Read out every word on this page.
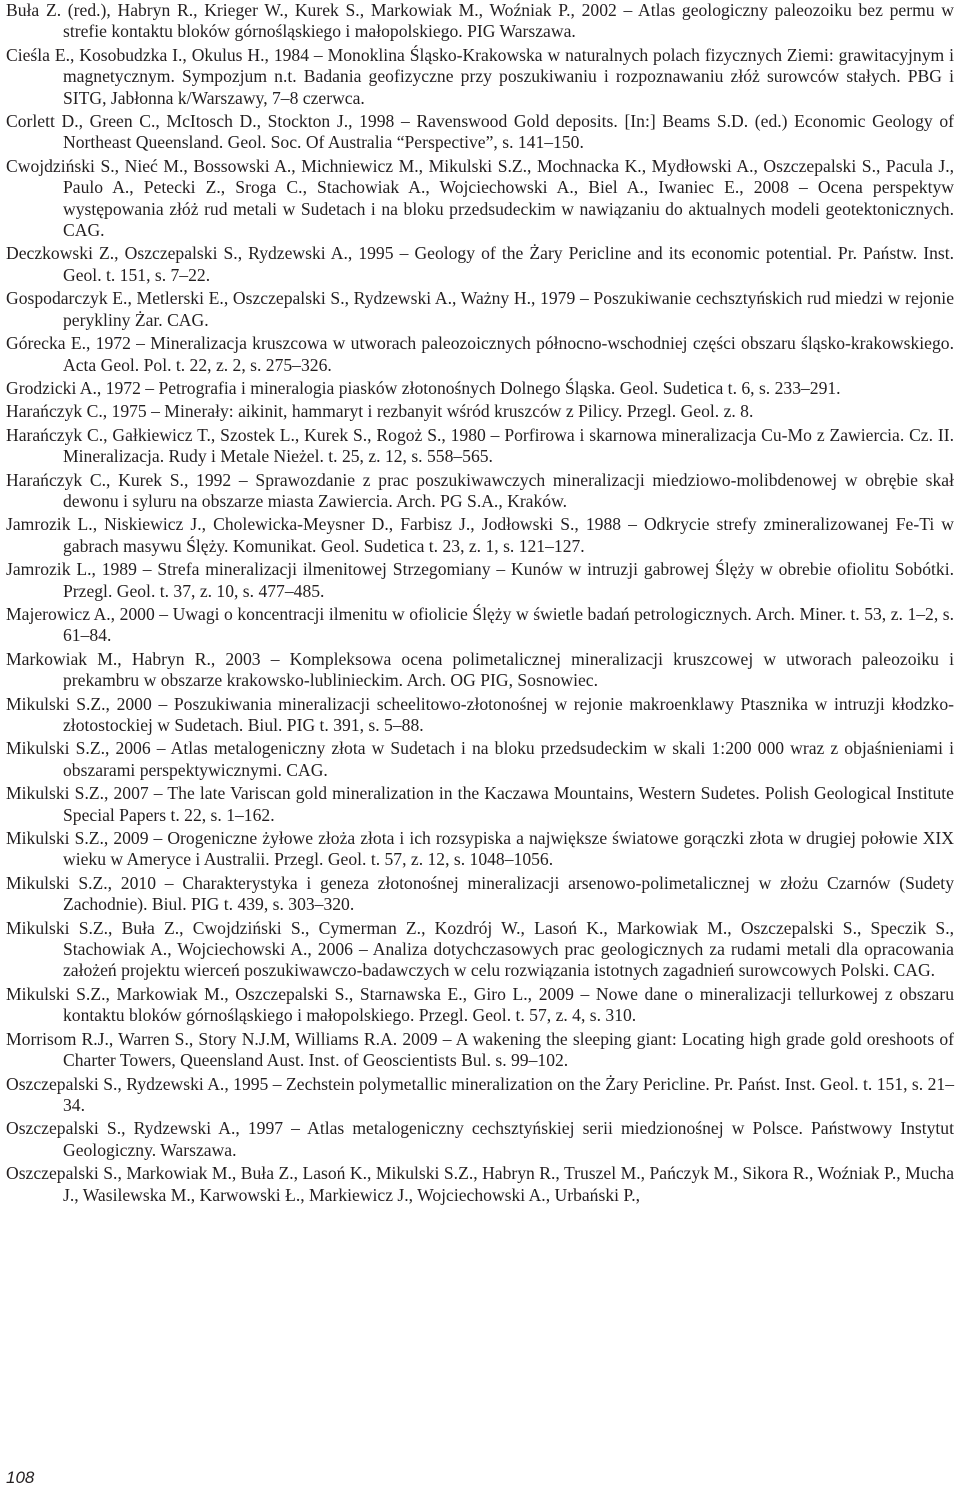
Buła Z. (red.), Habryn R., Krieger W., Kurek S., Markowiak M., Woźniak P., 2002 – Atlas geologiczny paleozoiku bez permu w strefie kontaktu bloków górnośląskiego i małopolskiego. PIG Warszawa.

Cieśla E., Kosobudzka I., Okulus H., 1984 – Monoklina Śląsko-Krakowska w naturalnych polach fizycznych Ziemi: grawitacyjnym i magnetycznym. Sympozjum n.t. Badania geofizyczne przy poszukiwaniu i rozpoznawaniu złóż surowców stałych. PBG i SITG, Jabłonna k/Warszawy, 7–8 czerwca.

Corlett D., Green C., McItosch D., Stockton J., 1998 – Ravenswood Gold deposits. [In:] Beams S.D. (ed.) Economic Geology of Northeast Queensland. Geol. Soc. Of Australia “Perspective”, s. 141–150.

Cwojdziński S., Nieć M., Bossowski A., Michniewicz M., Mikulski S.Z., Mochnacka K., Mydłowski A., Oszczepalski S., Pacula J., Paulo A., Petecki Z., Sroga C., Stachowiak A., Wojciechowski A., Biel A., Iwaniec E., 2008 – Ocena perspektyw występowania złóż rud metali w Sudetach i na bloku przedsudeckim w nawiązaniu do aktualnych modeli geotektonicznych. CAG.

Deczkowski Z., Oszczepalski S., Rydzewski A., 1995 – Geology of the Żary Pericline and its economic potential. Pr. Państw. Inst. Geol. t. 151, s. 7–22.

Gospodarczyk E., Metlerski E., Oszczepalski S., Rydzewski A., Ważny H., 1979 – Poszukiwanie cechsztyńskich rud miedzi w rejonie perykliny Żar. CAG.

Górecka E., 1972 – Mineralizacja kruszcowa w utworach paleozoicznych północno-wschodniej części obszaru śląsko-krakowskiego. Acta Geol. Pol. t. 22, z. 2, s. 275–326.

Grodzicki A., 1972 – Petrografia i mineralogia piasków złotonośnych Dolnego Śląska. Geol. Sudetica t. 6, s. 233–291.

Harańczyk C., 1975 – Minerały: aikinit, hammaryt i rezbanyit wśród kruszców z Pilicy. Przegl. Geol. z. 8.

Harańczyk C., Gałkiewicz T., Szostek L., Kurek S., Rogoż S., 1980 – Porfirowa i skarnowa mineralizacja Cu-Mo z Zawiercia. Cz. II. Mineralizacja. Rudy i Metale Nieżel. t. 25, z. 12, s. 558–565.

Harańczyk C., Kurek S., 1992 – Sprawozdanie z prac poszukiwawczych mineralizacji miedziowo-molibdenowej w obrębie skał dewonu i syluru na obszarze miasta Zawiercia. Arch. PG S.A., Kraków.

Jamrozik L., Niskiewicz J., Cholewicka-Meysner D., Farbisz J., Jodłowski S., 1988 – Odkrycie strefy zmineralizowanej Fe-Ti w gabrach masywu Ślęży. Komunikat. Geol. Sudetica t. 23, z. 1, s. 121–127.

Jamrozik L., 1989 – Strefa mineralizacji ilmenitowej Strzegomiany – Kunów w intruzji gabrowej Ślęży w obrebie ofiolitu Sobótki. Przegl. Geol. t. 37, z. 10, s. 477–485.

Majerowicz A., 2000 – Uwagi o koncentracji ilmenitu w ofiolicie Ślęży w świetle badań petrologicznych. Arch. Miner. t. 53, z. 1–2, s. 61–84.

Markowiak M., Habryn R., 2003 – Kompleksowa ocena polimetalicznej mineralizacji kruszcowej w utworach paleozoiku i prekambru w obszarze krakowsko-lublinieckim. Arch. OG PIG, Sosnowiec.

Mikulski S.Z., 2000 – Poszukiwania mineralizacji scheelitowo-złotonośnej w rejonie makroenklawy Ptasznika w intruzji kłodzko-złotostockiej w Sudetach. Biul. PIG t. 391, s. 5–88.

Mikulski S.Z., 2006 – Atlas metalogeniczny złota w Sudetach i na bloku przedsudeckim w skali 1:200 000 wraz z objaśnieniami i obszarami perspektywicznymi. CAG.

Mikulski S.Z., 2007 – The late Variscan gold mineralization in the Kaczawa Mountains, Western Sudetes. Polish Geological Institute Special Papers t. 22, s. 1–162.

Mikulski S.Z., 2009 – Orogeniczne żyłowe złoża złota i ich rozsypiska a największe światowe gorączki złota w drugiej połowie XIX wieku w Ameryce i Australii. Przegl. Geol. t. 57, z. 12, s. 1048–1056.

Mikulski S.Z., 2010 – Charakterystyka i geneza złotonośnej mineralizacji arsenowo-polimetalicznej w złożu Czarnów (Sudety Zachodnie). Biul. PIG t. 439, s. 303–320.

Mikulski S.Z., Buła Z., Cwojdziński S., Cymerman Z., Kozdrój W., Lasoń K., Markowiak M., Oszczepalski S., Speczik S., Stachowiak A., Wojciechowski A., 2006 – Analiza dotychczasowych prac geologicznych za rudami metali dla opracowania założeń projektu wierceń poszukiwawczo-badawczych w celu rozwiązania istotnych zagadnień surowcowych Polski. CAG.

Mikulski S.Z., Markowiak M., Oszczepalski S., Starnawska E., Giro L., 2009 – Nowe dane o mineralizacji tellurkowej z obszaru kontaktu bloków górnośląskiego i małopolskiego. Przegl. Geol. t. 57, z. 4, s. 310.

Morrisom R.J., Warren S., Story N.J.M, Williams R.A. 2009 – A wakening the sleeping giant: Locating high grade gold oreshoots of Charter Towers, Queensland Aust. Inst. of Geoscientists Bul. s. 99–102.

Oszczepalski S., Rydzewski A., 1995 – Zechstein polymetallic mineralization on the Żary Pericline. Pr. Państ. Inst. Geol. t. 151, s. 21–34.

Oszczepalski S., Rydzewski A., 1997 – Atlas metalogeniczny cechsztyńskiej serii miedzionośnej w Polsce. Państwowy Instytut Geologiczny. Warszawa.

Oszczepalski S., Markowiak M., Buła Z., Lasoń K., Mikulski S.Z., Habryn R., Truszel M., Pańczyk M., Sikora R., Woźniak P., Mucha J., Wasilewska M., Karwowski Ł., Markiewicz J., Wojciechowski A., Urbański P.,

108
